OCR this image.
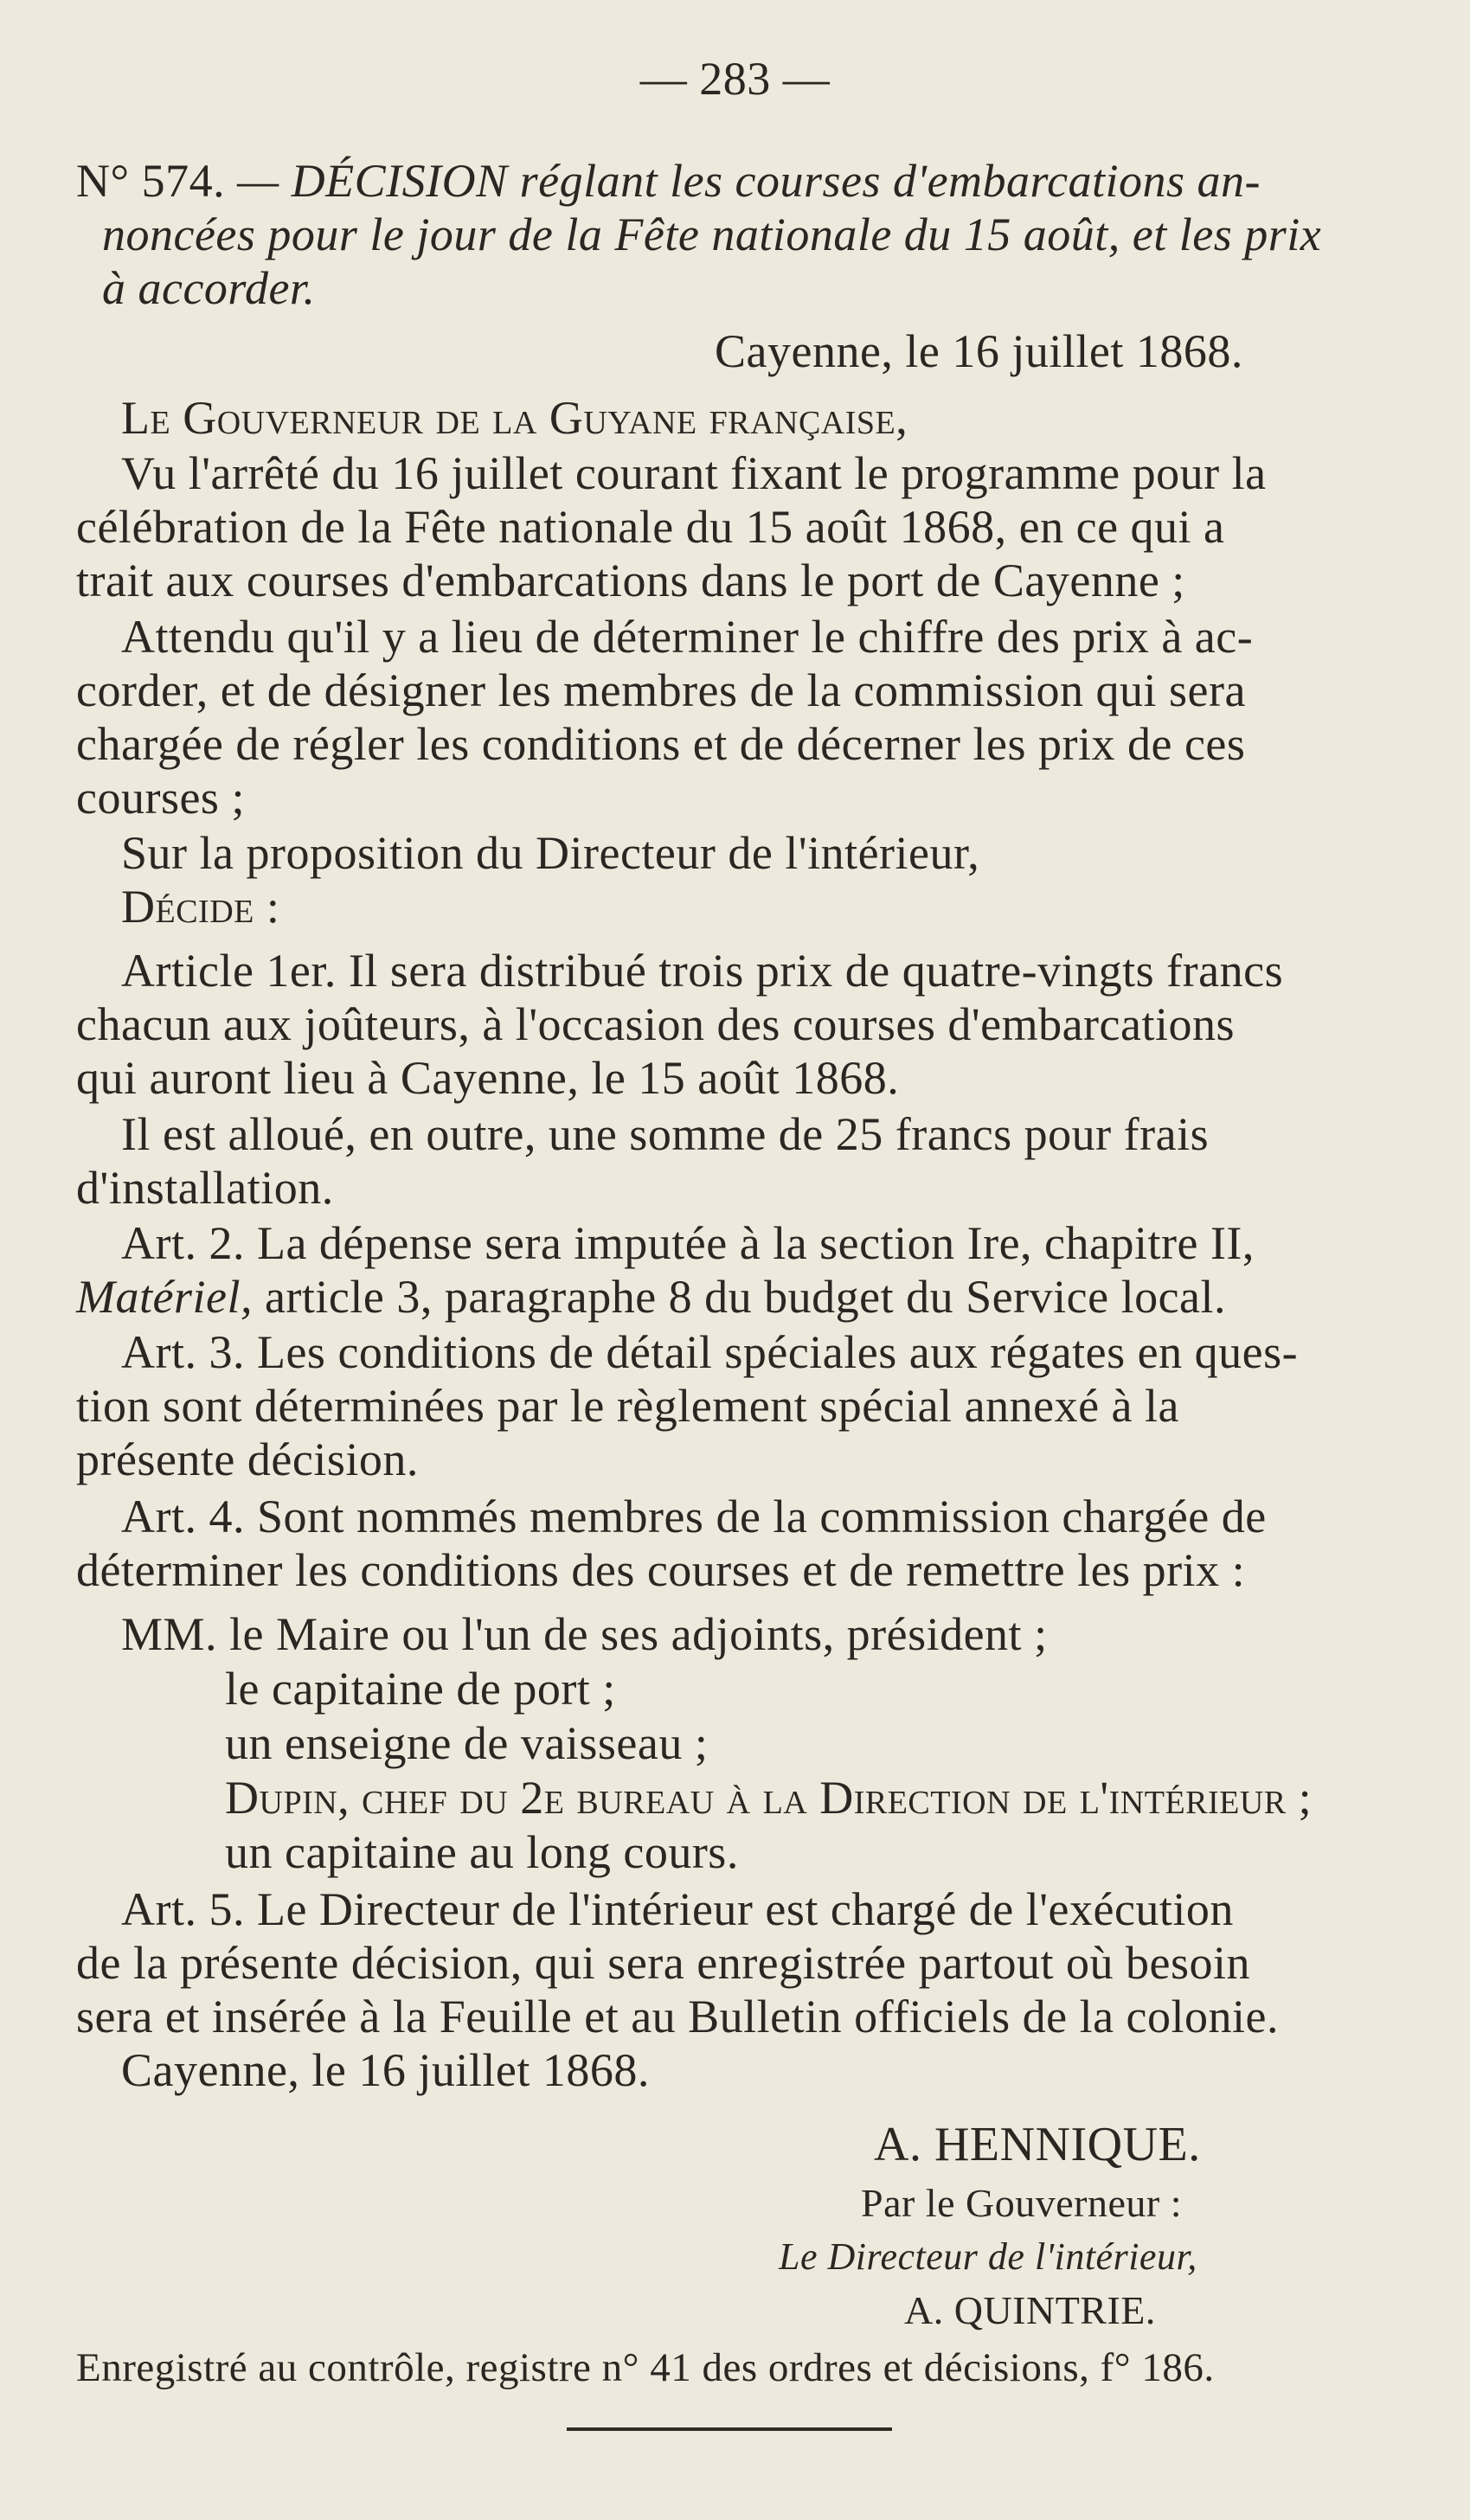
— 283 —
N° 574. — DÉCISION réglant les courses d'embarcations an-
noncées pour le jour de la Fête nationale du 15 août, et les prix
à accorder.
Cayenne, le 16 juillet 1868.
Le Gouverneur de la Guyane française,
Vu l'arrêté du 16 juillet courant fixant le programme pour la
célébration de la Fête nationale du 15 août 1868, en ce qui a
trait aux courses d'embarcations dans le port de Cayenne ;
Attendu qu'il y a lieu de déterminer le chiffre des prix à ac-
corder, et de désigner les membres de la commission qui sera
chargée de régler les conditions et de décerner les prix de ces
courses ;
Sur la proposition du Directeur de l'intérieur,
Décide :
Article 1er. Il sera distribué trois prix de quatre-vingts francs
chacun aux joûteurs, à l'occasion des courses d'embarcations
qui auront lieu à Cayenne, le 15 août 1868.
Il est alloué, en outre, une somme de 25 francs pour frais
d'installation.
Art. 2. La dépense sera imputée à la section Ire, chapitre II,
Matériel, article 3, paragraphe 8 du budget du Service local.
Art. 3. Les conditions de détail spéciales aux régates en ques-
tion sont déterminées par le règlement spécial annexé à la
présente décision.
Art. 4. Sont nommés membres de la commission chargée de
déterminer les conditions des courses et de remettre les prix :
MM. le Maire ou l'un de ses adjoints, président ;
le capitaine de port ;
un enseigne de vaisseau ;
Dupin, chef du 2e bureau à la Direction de l'intérieur ;
un capitaine au long cours.
Art. 5. Le Directeur de l'intérieur est chargé de l'exécution
de la présente décision, qui sera enregistrée partout où besoin
sera et insérée à la Feuille et au Bulletin officiels de la colonie.
Cayenne, le 16 juillet 1868.
A. HENNIQUE.
Par le Gouverneur :
Le Directeur de l'intérieur,
A. QUINTRIE.
Enregistré au contrôle, registre n° 41 des ordres et décisions, f° 186.
